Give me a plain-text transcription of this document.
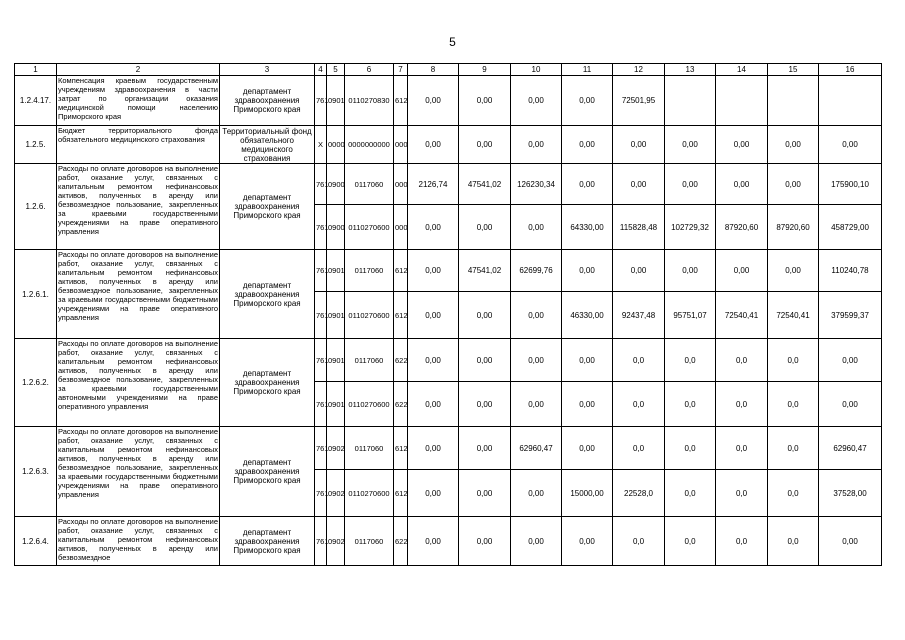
5
1	2	3	4	5	6	7	8	9	10	11	12	13	14	15	16
1.2.4.17.	Компенсация краевым государственным учреждениям здравоохранения в части затрат по организации оказания медицинской помощи населению Приморского края	департамент здравоохранения Приморского края	761	0901	0110270830	612	0,00	0,00	0,00	0,00	72501,95				
1.2.5.	Бюджет территориального фонда обязательного медицинского страхования	Территориальный фонд обязательного медицинского страхования	Х	0000	0000000000	000	0,00	0,00	0,00	0,00	0,00	0,00	0,00	0,00	0,00
1.2.6.	Расходы по оплате договоров на выполнение работ, оказание услуг, связанных с капитальным ремонтом нефинансовых активов, полученных в аренду или безвозмездное пользование, закрепленных за краевыми государственными учреждениями на праве оперативного управления	департамент здравоохранения Приморского края	761	0900	0117060	000	2126,74	47541,02	126230,34	0,00	0,00	0,00	0,00	0,00	175900,10
			761	0900	0110270600	000	0,00	0,00	0,00	64330,00	115828,48	102729,32	87920,60	87920,60	458729,00
1.2.6.1.	Расходы по оплате договоров на выполнение работ, оказание услуг, связанных с капитальным ремонтом нефинансовых активов, полученных в аренду или безвозмездное пользование, закрепленных за краевыми государственными бюджетными учреждениями на праве оперативного управления	департамент здравоохранения Приморского края	761	0901	0117060	612	0,00	47541,02	62699,76	0,00	0,00	0,00	0,00	0,00	110240,78
			761	0901	0110270600	612	0,00	0,00	0,00	46330,00	92437,48	95751,07	72540,41	72540,41	379599,37
1.2.6.2.	Расходы по оплате договоров на выполнение работ, оказание услуг, связанных с капитальным ремонтом нефинансовых активов, полученных в аренду или безвозмездное пользование, закрепленных за краевыми государственными автономными учреждениями на праве оперативного управления	департамент здравоохранения Приморского края	761	0901	0117060	622	0,00	0,00	0,00	0,00	0,0	0,0	0,0	0,0	0,00
			761	0901	0110270600	622	0,00	0,00	0,00	0,00	0,0	0,0	0,0	0,0	0,00
1.2.6.3.	Расходы по оплате договоров на выполнение работ, оказание услуг, связанных с капитальным ремонтом нефинансовых активов, полученных в аренду или безвозмездное пользование, закрепленных за краевыми государственными бюджетными учреждениями на праве оперативного управления	департамент здравоохранения Приморского края	761	0902	0117060	612	0,00	0,00	62960,47	0,00	0,0	0,0	0,0	0,0	62960,47
			761	0902	0110270600	612	0,00	0,00	0,00	15000,00	22528,0	0,0	0,0	0,0	37528,00
1.2.6.4.	Расходы по оплате договоров на выполнение работ, оказание услуг, связанных с капитальным ремонтом нефинансовых активов, полученных в аренду или безвозмездное	департамент здравоохранения Приморского края	761	0902	0117060	622	0,00	0,00	0,00	0,00	0,0	0,0	0,0	0,0	0,00
